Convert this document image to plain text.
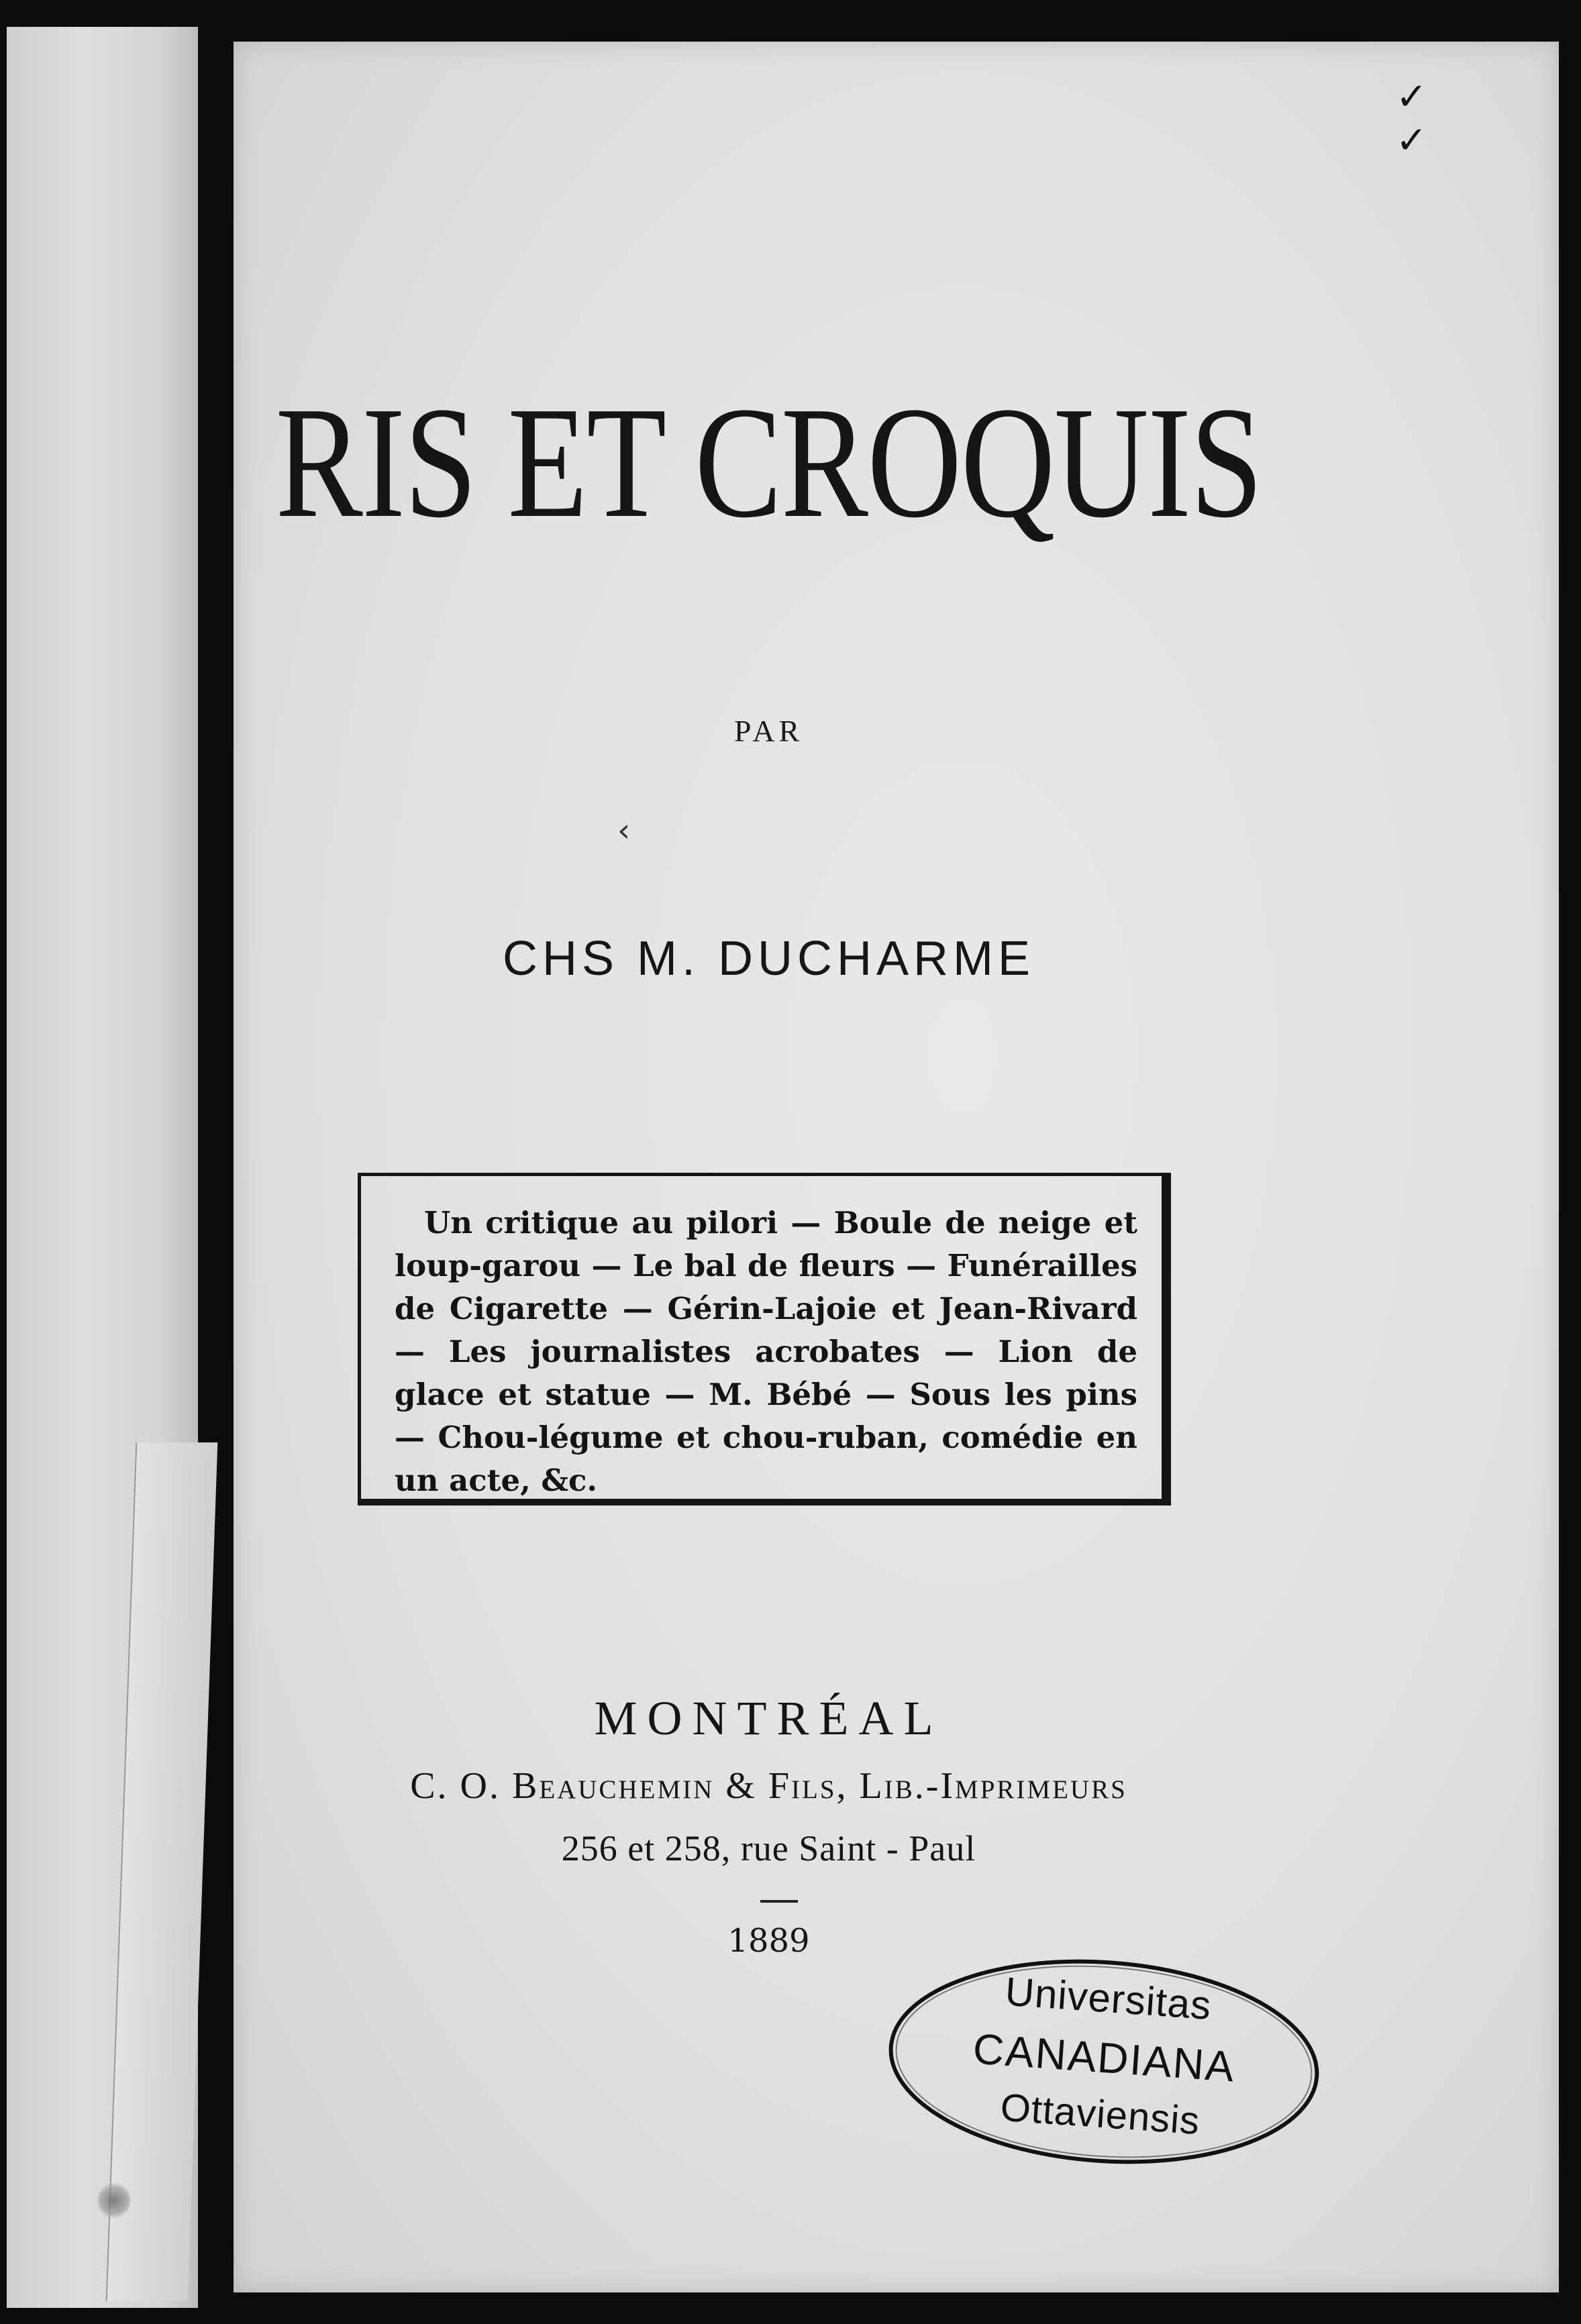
✓ ✓
RIS ET CROQUIS
PAR
‹
CHS M. DUCHARME
Un critique au pilori — Boule de neige et loup-garou — Le bal de fleurs — Funérailles de Cigarette — Gérin-Lajoie et Jean-Rivard — Les journalistes acrobates — Lion de glace et statue — M. Bébé — Sous les pins — Chou-légume et chou-ruban, comédie en un acte, &c.
MONTRÉAL
C. O. Beauchemin & Fils, Lib.-Imprimeurs
256 et 258, rue Saint - Paul
1889
Universitas
CANADIANA
Ottaviensis
